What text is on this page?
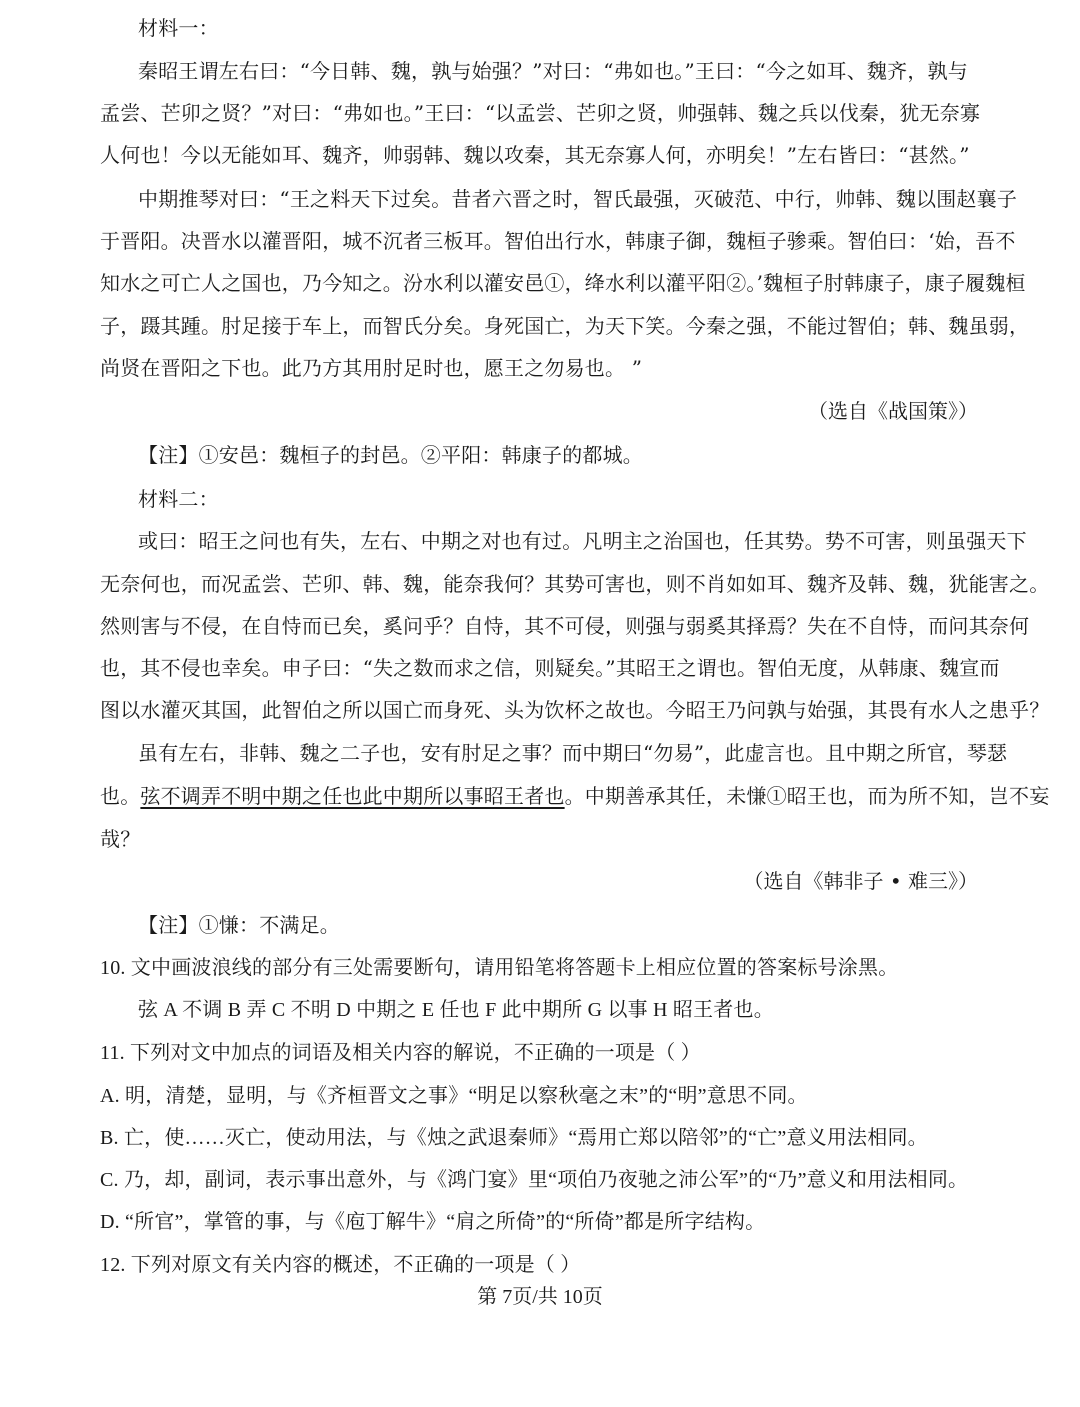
材料一：
秦昭王谓左右曰：“今日韩、魏，孰与始强？”对曰：“弗如也。”王曰：“今之如耳、魏齐，孰与
孟尝、芒卯之贤？”对曰：“弗如也。”王曰：“以孟尝、芒卯之贤，帅强韩、魏之兵以伐秦，犹无奈寡
人何也！今以无能如耳、魏齐，帅弱韩、魏以攻秦，其无奈寡人何，亦明矣！”左右皆曰：“甚然。”
中期推琴对曰：“王之料天下过矣。昔者六晋之时，智氏最强，灭破范、中行，帅韩、魏以围赵襄子
于晋阳。决晋水以灌晋阳，城不沉者三板耳。智伯出行水，韩康子御，魏桓子骖乘。智伯曰：‘始，吾不
知水之可亡人之国也，乃今知之。汾水利以灌安邑①，绛水利以灌平阳②。’魏桓子肘韩康子，康子履魏桓
子，蹑其踵。肘足接于车上，而智氏分矣。身死国亡，为天下笑。今秦之强，不能过智伯；韩、魏虽弱，
尚贤在晋阳之下也。此乃方其用肘足时也，愿王之勿易也。 ”
（选自《战国策》）
【注】①安邑：魏桓子的封邑。②平阳：韩康子的都城。
材料二：
或曰：昭王之问也有失，左右、中期之对也有过。凡明主之治国也，任其势。势不可害，则虽强天下
无奈何也，而况孟尝、芒卯、韩、魏，能奈我何？其势可害也，则不肖如如耳、魏齐及韩、魏，犹能害之。
然则害与不侵，在自恃而已矣，奚问乎？自恃，其不可侵，则强与弱奚其择焉？失在不自恃，而问其奈何
也，其不侵也幸矣。申子曰：“失之数而求之信，则疑矣。”其昭王之谓也。智伯无度，从韩康、魏宣而
图以水灌灭其国，此智伯之所以国亡而身死、头为饮杯之故也。今昭王乃问孰与始强，其畏有水人之患乎？
虽有左右，非韩、魏之二子也，安有肘足之事？而中期曰“勿易”，此虚言也。且中期之所官，琴瑟
也。弦不调弄不明中期之任也此中期所以事昭王者也。中期善承其任，未慊①昭王也，而为所不知，岂不妄
哉？
（选自《韩非子 • 难三》）
【注】①慊：不满足。
10. 文中画波浪线的部分有三处需要断句，请用铅笔将答题卡上相应位置的答案标号涂黑。
弦 A 不调 B 弄 C 不明 D 中期之 E 任也 F 此中期所 G 以事 H 昭王者也。
11. 下列对文中加点的词语及相关内容的解说，不正确的一项是（ ）
A. 明，清楚，显明，与《齐桓晋文之事》“明足以察秋毫之末”的“明”意思不同。
B. 亡，使……灭亡，使动用法，与《烛之武退秦师》“焉用亡郑以陪邻”的“亡”意义用法相同。
C. 乃，却，副词，表示事出意外，与《鸿门宴》里“项伯乃夜驰之沛公军”的“乃”意义和用法相同。
D. “所官”，掌管的事，与《庖丁解牛》“肩之所倚”的“所倚”都是所字结构。
12. 下列对原文有关内容的概述，不正确的一项是（ ）
第 7页/共 10页
